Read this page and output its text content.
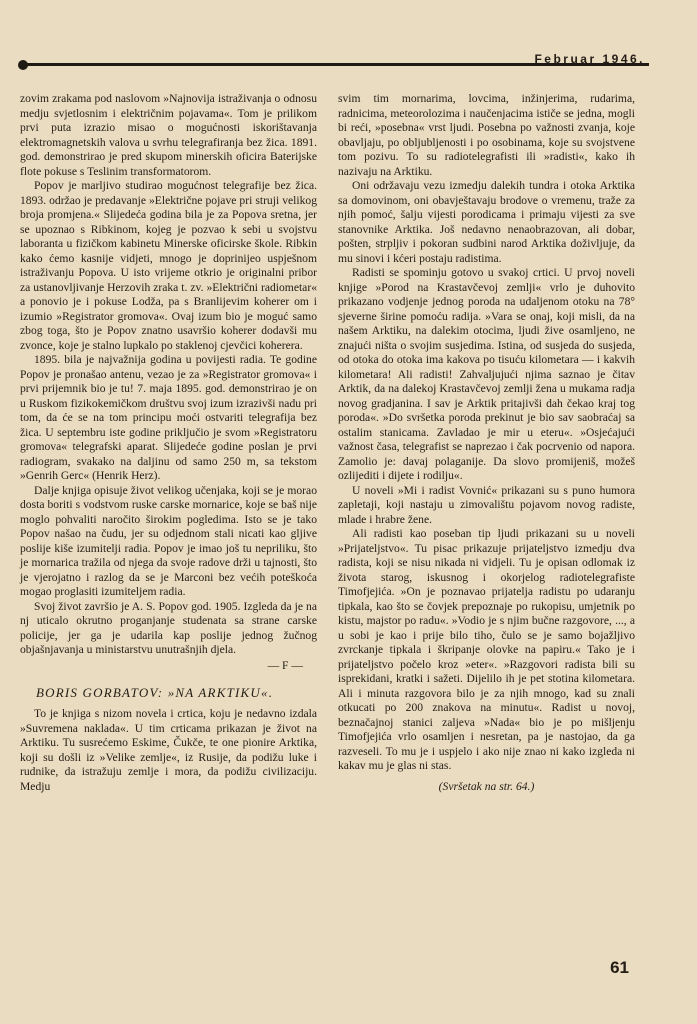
Februar 1946.

zovim zrakama pod naslovom »Najnovija istraživanja o odnosu medju svjetlosnim i električnim pojavama«. Tom je prilikom prvi puta izrazio misao o mogućnosti iskorištavanja elektromagnetskih valova u svrhu telegrafiranja bez žica. 1891. god. demonstrirao je pred skupom minerskih oficira Baterijske flote pokuse s Teslinim transformatorom.

Popov je marljivo studirao mogućnost telegrafije bez žica. 1893. održao je predavanje »Električne pojave pri struji velikog broja promjena.« Slijedeća godina bila je za Popova sretna, jer se upoznao s Ribkinom, kojeg je pozvao k sebi u svojstvu laboranta u fizičkom kabinetu Minerske oficirske škole. Ribkin kako ćemo kasnije vidjeti, mnogo je doprinijeo uspješnom istraživanju Popova. U isto vrijeme otkrio je originalni pribor za ustanovljivanje Herzovih zraka t. zv. »Električni radiometar« a ponovio je i pokuse Lodža, pa s Branlijevim koherer om i izumio »Registrator gromova«. Ovaj izum bio je moguć samo zbog toga, što je Popov znatno usavršio koherer dodavši mu zvonce, koje je stalno lupkalo po staklenoj cjevčici koherera.

1895. bila je najvažnija godina u povijesti radia. Te godine Popov je pronašao antenu, vezao je za »Registrator gromova« i prvi prijemnik bio je tu! 7. maja 1895. god. demonstrirao je on u Ruskom fizikokemičkom društvu svoj izum izrazivši nadu pri tom, da će se na tom principu moći ostvariti telegrafija bez žica. U septembru iste godine priključio je svom »Registratoru gromova« telegrafski aparat. Slijedeće godine poslan je prvi radiogram, svakako na daljinu od samo 250 m, sa tekstom »Genrih Gerc« (Henrik Herz).

Dalje knjiga opisuje život velikog učenjaka, koji se je morao dosta boriti s vodstvom ruske carske mornarice, koje se baš nije moglo pohvaliti naročito širokim pogledima. Isto se je tako Popov našao na čudu, jer su odjednom stali nicati kao gljive poslije kiše izumitelji radia. Popov je imao još tu nepriliku, što je mornarica tražila od njega da svoje radove drži u tajnosti, što je vjerojatno i razlog da se je Marconi bez većih poteškoća mogao proglasiti izumiteljem radia.

Svoj život završio je A. S. Popov god. 1905. Izgleda da je na nj uticalo okrutno proganjanje studenata sa strane carske policije, jer ga je udarila kap poslije jednog žučnog objašnjavanja u ministarstvu unutrašnjih djela.

— F —

BORIS GORBATOV: »NA ARKTIKU«.

To je knjiga s nizom novela i crtica, koju je nedavno izdala »Suvremena naklada«. U tim crticama prikazan je život na Arktiku. Tu susrećemo Eskime, Čukče, te one pionire Arktika, koji su došli iz »Velike zemlje«, iz Rusije, da podižu luke i rudnike, da istražuju zemlje i mora, da podižu civilizaciju. Medju

svim tim mornarima, lovcima, inžinjerima, rudarima, radnicima, meteorolozima i naučenjacima ističe se jedna, mogli bi reći, »posebna« vrst ljudi. Posebna po važnosti zvanja, koje obavljaju, po obljubljenosti i po osobinama, koje su svojstvene tom pozivu. To su radiotelegrafisti ili »radisti«, kako ih nazivaju na Arktiku.

Oni održavaju vezu izmedju dalekih tundra i otoka Arktika sa domovinom, oni obavještavaju brodove o vremenu, traže za njih pomoć, šalju vijesti porodicama i primaju vijesti za sve stanovnike Arktika. Još nedavno nenaobrazovan, ali dobar, pošten, strpljiv i pokoran sudbini narod Arktika doživljuje, da mu sinovi i kćeri postaju radistima.

Radisti se spominju gotovo u svakoj crtici. U prvoj noveli knjige »Porod na Krastavčevoj zemlji« vrlo je duhovito prikazano vodjenje jednog poroda na udaljenom otoku na 78° sjeverne širine pomoću radija. »Vara se onaj, koji misli, da na našem Arktiku, na dalekim otocima, ljudi žive osamljeno, ne znajući ništa o svojim susjedima. Istina, od susjeda do susjeda, od otoka do otoka ima kakova po tisuću kilometara — i kakvih kilometara! Ali radisti! Zahvaljujući njima saznao je čitav Arktik, da na dalekoj Krastavčevoj zemlji žena u mukama radja novog gradjanina. I sav je Arktik pritajivši dah čekao kraj tog poroda«. »Do svršetka poroda prekinut je bio sav saobraćaj sa ostalim stanicama. Zavladao je mir u eteru«. »Osjećajući važnost časa, telegrafist se naprezao i čak pocrvenio od napora. Zamolio je: davaj polaganije. Da slovo promijeniš, možeš ozlijediti i dijete i rodilju«.

U noveli »Mi i radist Vovnić« prikazani su s puno humora zapletaji, koji nastaju u zimovalištu pojavom novog radiste, mlade i hrabre žene.

Ali radisti kao poseban tip ljudi prikazani su u noveli »Prijateljstvo«. Tu pisac prikazuje prijateljstvo izmedju dva radista, koji se nisu nikada ni vidjeli. Tu je opisan odlomak iz života starog, iskusnog i okorjelog radiotelegrafiste Timofjejića. »On je poznavao prijatelja radistu po udaranju tipkala, kao što se čovjek prepoznaje po rukopisu, umjetnik po kistu, majstor po radu«. »Vodio je s njim bučne razgovore, ..., a u sobi je kao i prije bilo tiho, čulo se je samo bojažljivo zvrckanje tipkala i škripanje olovke na papiru.« Tako je i prijateljstvo počelo kroz »eter«. »Razgovori radista bili su isprekidani, kratki i sažeti. Dijelilo ih je pet stotina kilometara. Ali i minuta razgovora bilo je za njih mnogo, kad su znali otkucati po 200 znakova na minutu«. Radist u novoj, beznačajnoj stanici zaljeva »Nada« bio je po mišljenju Timofjejića vrlo osamljen i nesretan, pa je nastojao, da ga razveseli. To mu je i uspjelo i ako nije znao ni kako izgleda ni kakav mu je glas ni stas.

(Svršetak na str. 64.)

61
